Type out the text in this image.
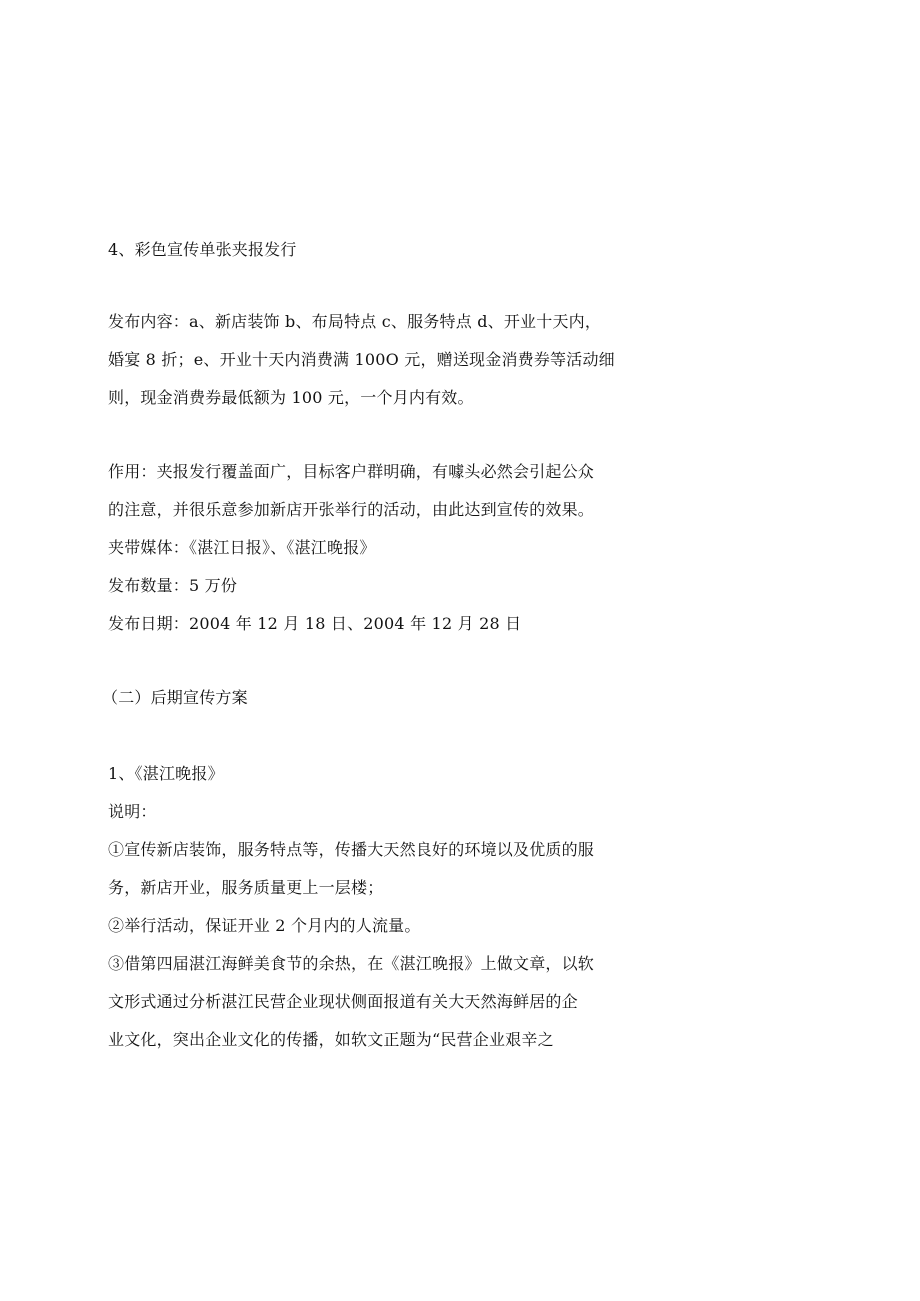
4、彩色宣传单张夹报发行
发布内容：a、新店装饰 b、布局特点 c、服务特点 d、开业十天内，
婚宴 8 折；e、开业十天内消费满 100O 元，赠送现金消费券等活动细
则，现金消费券最低额为 100 元，一个月内有效。
作用：夹报发行覆盖面广，目标客户群明确，有噱头必然会引起公众
的注意，并很乐意参加新店开张举行的活动，由此达到宣传的效果。
夹带媒体：《湛江日报》、《湛江晚报》
发布数量：5 万份
发布日期：2004 年 12 月 18 日、2004 年 12 月 28 日
（二）后期宣传方案
1、《湛江晚报》
说明：
①宣传新店装饰，服务特点等，传播大天然良好的环境以及优质的服
务，新店开业，服务质量更上一层楼；
②举行活动，保证开业 2 个月内的人流量。
③借第四届湛江海鲜美食节的余热，在《湛江晚报》上做文章，以软
文形式通过分析湛江民营企业现状侧面报道有关大天然海鲜居的企
业文化，突出企业文化的传播，如软文正题为“民营企业艰辛之
